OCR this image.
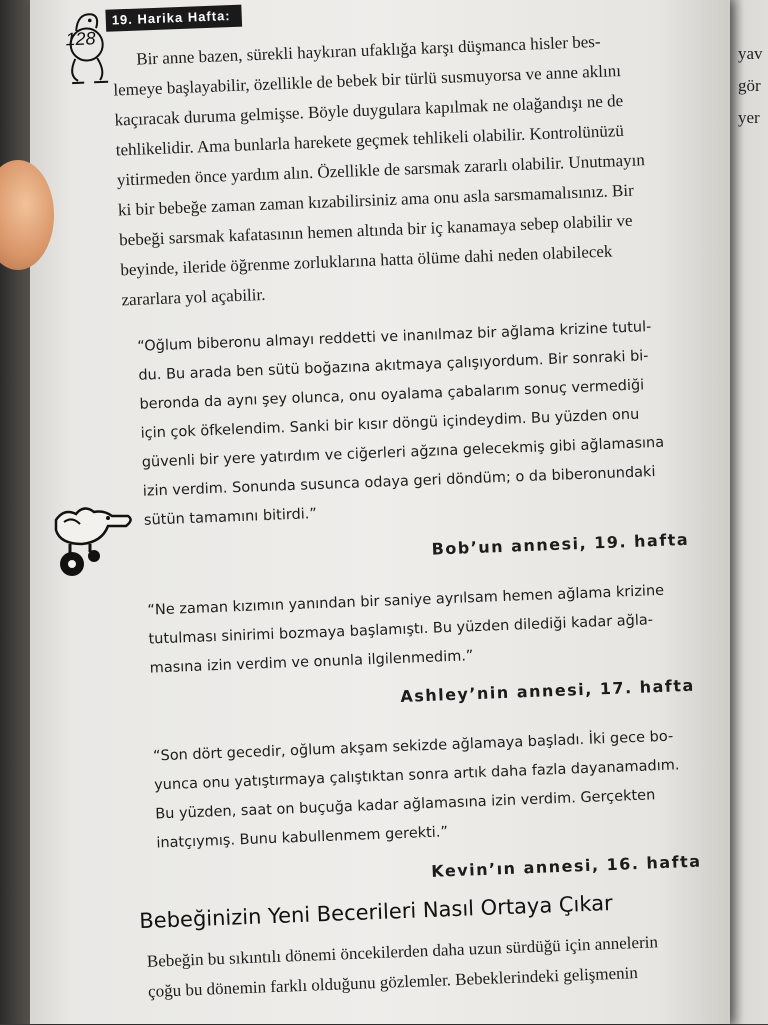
yav
gör
yer
128
19. Harika Hafta:
Bir anne bazen, sürekli haykıran ufaklığa karşı düşmanca hisler bes-
lemeye başlayabilir, özellikle de bebek bir türlü susmuyorsa ve anne aklını
kaçıracak duruma gelmişse. Böyle duygulara kapılmak ne olağandışı ne de
tehlikelidir. Ama bunlarla harekete geçmek tehlikeli olabilir. Kontrolünüzü
yitirmeden önce yardım alın. Özellikle de sarsmak zararlı olabilir. Unutmayın
ki bir bebeğe zaman zaman kızabilirsiniz ama onu asla sarsmamalısınız. Bir
bebeği sarsmak kafatasının hemen altında bir iç kanamaya sebep olabilir ve
beyinde, ileride öğrenme zorluklarına hatta ölüme dahi neden olabilecek
zararlara yol açabilir.
“Oğlum biberonu almayı reddetti ve inanılmaz bir ağlama krizine tutul-
du. Bu arada ben sütü boğazına akıtmaya çalışıyordum. Bir sonraki bi-
beronda da aynı şey olunca, onu oyalama çabalarım sonuç vermediği
için çok öfkelendim. Sanki bir kısır döngü içindeydim. Bu yüzden onu
güvenli bir yere yatırdım ve ciğerleri ağzına gelecekmiş gibi ağlamasına
izin verdim. Sonunda susunca odaya geri döndüm; o da biberonundaki
sütün tamamını bitirdi.”
Bob’un annesi, 19. hafta
“Ne zaman kızımın yanından bir saniye ayrılsam hemen ağlama krizine
tutulması sinirimi bozmaya başlamıştı. Bu yüzden dilediği kadar ağla-
masına izin verdim ve onunla ilgilenmedim.”
Ashley’nin annesi, 17. hafta
“Son dört gecedir, oğlum akşam sekizde ağlamaya başladı. İki gece bo-
yunca onu yatıştırmaya çalıştıktan sonra artık daha fazla dayanamadım.
Bu yüzden, saat on buçuğa kadar ağlamasına izin verdim. Gerçekten
inatçıymış. Bunu kabullenmem gerekti.”
Kevin’ın annesi, 16. hafta
Bebeğinizin Yeni Becerileri Nasıl Ortaya Çıkar
Bebeğin bu sıkıntılı dönemi öncekilerden daha uzun sürdüğü için annelerin
çoğu bu dönemin farklı olduğunu gözlemler. Bebeklerindeki gelişmenin
